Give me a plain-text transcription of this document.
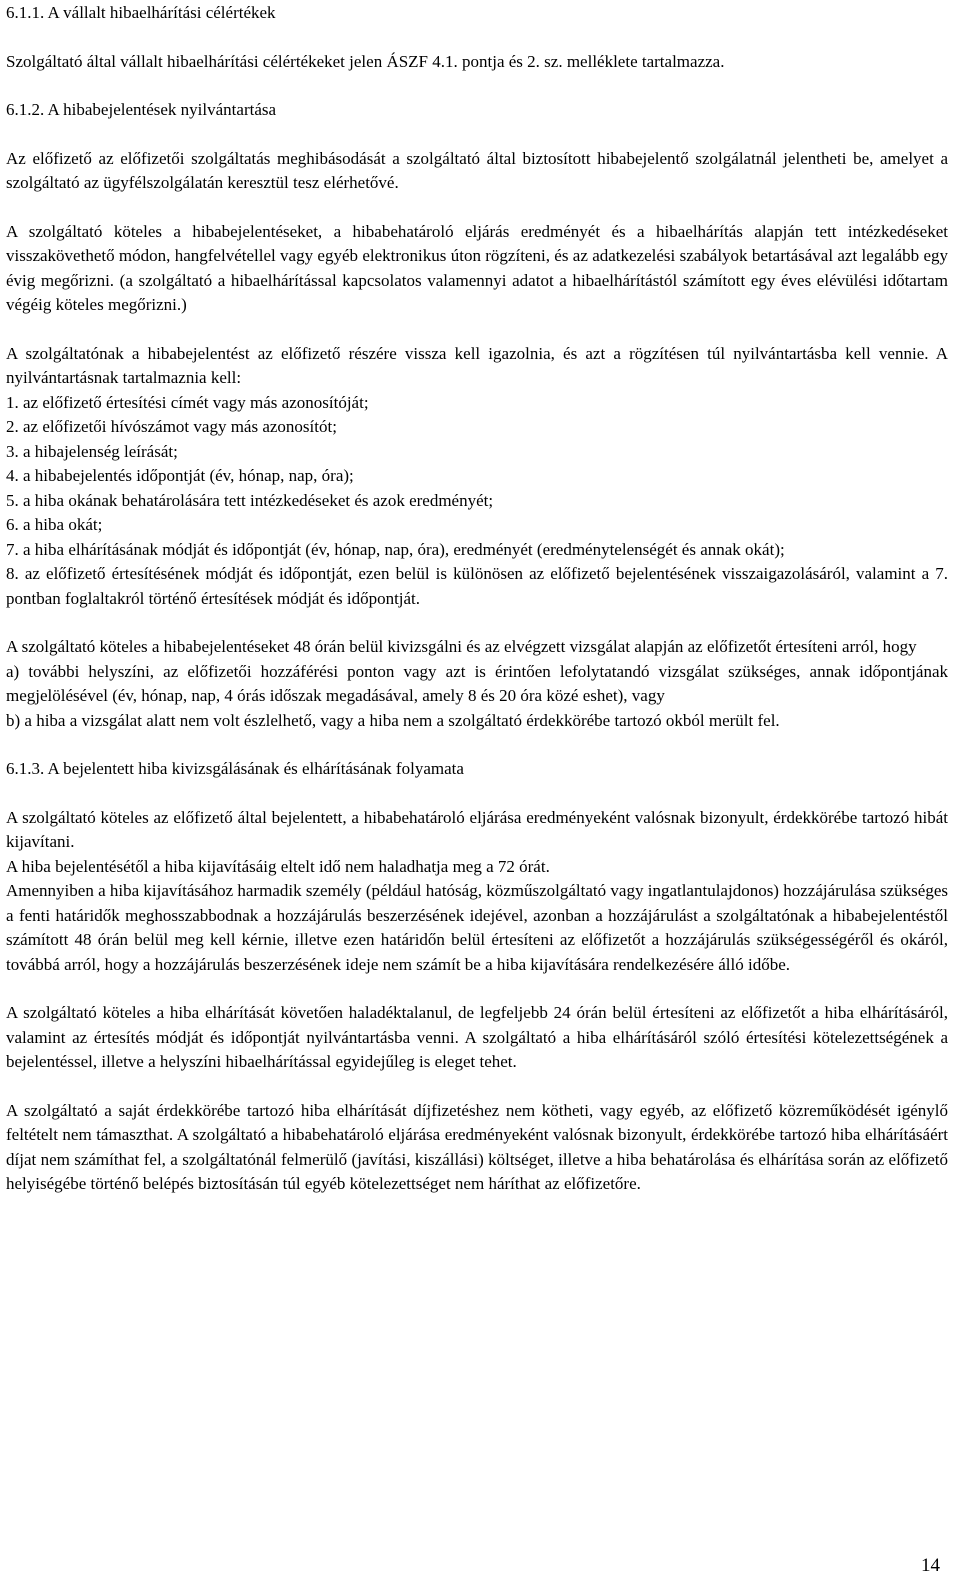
6.1.1. A vállalt hibaelhárítási célértékek
Szolgáltató által vállalt hibaelhárítási célértékeket jelen ÁSZF 4.1. pontja és 2. sz. melléklete tartalmazza.
6.1.2. A hibabejelentések nyilvántartása
Az előfizető az előfizetői szolgáltatás meghibásodását a szolgáltató által biztosított hibabejelentő szolgálatnál jelentheti be, amelyet a szolgáltató az ügyfélszolgálatán keresztül tesz elérhetővé.
A szolgáltató köteles a hibabejelentéseket, a hibabehatároló eljárás eredményét és a hibaelhárítás alapján tett intézkedéseket visszakövethető módon, hangfelvétellel vagy egyéb elektronikus úton rögzíteni, és az adatkezelési szabályok betartásával azt legalább egy évig megőrizni. (a szolgáltató a hibaelhárítással kapcsolatos valamennyi adatot a hibaelhárítástól számított egy éves elévülési időtartam végéig köteles megőrizni.)
A szolgáltatónak a hibabejelentést az előfizető részére vissza kell igazolnia, és azt a rögzítésen túl nyilvántartásba kell vennie. A nyilvántartásnak tartalmaznia kell:
1. az előfizető értesítési címét vagy más azonosítóját;
2. az előfizetői hívószámot vagy más azonosítót;
3. a hibajelenség leírását;
4. a hibabejelentés időpontját (év, hónap, nap, óra);
5. a hiba okának behatárolására tett intézkedéseket és azok eredményét;
6. a hiba okát;
7. a hiba elhárításának módját és időpontját (év, hónap, nap, óra), eredményét (eredménytelenségét és annak okát);
8. az előfizető értesítésének módját és időpontját, ezen belül is különösen az előfizető bejelentésének visszaigazolásáról, valamint a 7. pontban foglaltakról történő értesítések módját és időpontját.
A szolgáltató köteles a hibabejelentéseket 48 órán belül kivizsgálni és az elvégzett vizsgálat alapján az előfizetőt értesíteni arról, hogy
a) további helyszíni, az előfizetői hozzáférési ponton vagy azt is érintően lefolytatandó vizsgálat szükséges, annak időpontjának megjelölésével (év, hónap, nap, 4 órás időszak megadásával, amely 8 és 20 óra közé eshet), vagy
b) a hiba a vizsgálat alatt nem volt észlelhető, vagy a hiba nem a szolgáltató érdekkörébe tartozó okból merült fel.
6.1.3. A bejelentett hiba kivizsgálásának és elhárításának folyamata
A szolgáltató köteles az előfizető által bejelentett, a hibabehatároló eljárása eredményeként valósnak bizonyult, érdekkörébe tartozó hibát kijavítani.
A hiba bejelentésétől a hiba kijavításáig eltelt idő nem haladhatja meg a 72 órát.
Amennyiben a hiba kijavításához harmadik személy (például hatóság, közműszolgáltató vagy ingatlantulajdonos) hozzájárulása szükséges a fenti határidők meghosszabbodnak a hozzájárulás beszerzésének idejével, azonban a hozzájárulást a szolgáltatónak a hibabejelentéstől számított 48 órán belül meg kell kérnie, illetve ezen határidőn belül értesíteni az előfizetőt a hozzájárulás szükségességéről és okáról, továbbá arról, hogy a hozzájárulás beszerzésének ideje nem számít be a hiba kijavítására rendelkezésére álló időbe.
A szolgáltató köteles a hiba elhárítását követően haladéktalanul, de legfeljebb 24 órán belül értesíteni az előfizetőt a hiba elhárításáról, valamint az értesítés módját és időpontját nyilvántartásba venni. A szolgáltató a hiba elhárításáról szóló értesítési kötelezettségének a bejelentéssel, illetve a helyszíni hibaelhárítással egyidejűleg is eleget tehet.
A szolgáltató a saját érdekkörébe tartozó hiba elhárítását díjfizetéshez nem kötheti, vagy egyéb, az előfizető közreműködését igénylő feltételt nem támaszthat. A szolgáltató a hibabehatároló eljárása eredményeként valósnak bizonyult, érdekkörébe tartozó hiba elhárításáért díjat nem számíthat fel, a szolgáltatónál felmerülő (javítási, kiszállási) költséget, illetve a hiba behatárolása és elhárítása során az előfizető helyiségébe történő belépés biztosításán túl egyéb kötelezettséget nem háríthat az előfizetőre.
14
